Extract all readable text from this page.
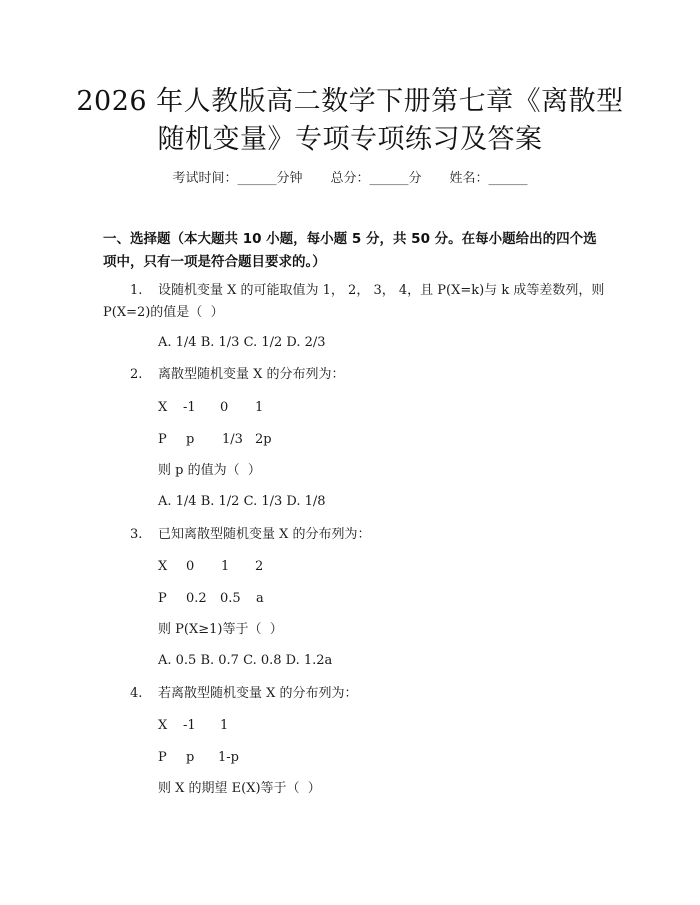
2026 年人教版高二数学下册第七章《离散型
随机变量》专项专项练习及答案
考试时间：______分钟 总分：______分 姓名：______
一、选择题（本大题共 10 小题，每小题 5 分，共 50 分。在每小题给出的四个选
项中，只有一项是符合题目要求的。）
1. 设随机变量 X 的可能取值为 1， 2， 3， 4，且 P(X=k)与 k 成等差数列，则
P(X=2)的值是（  ）
A. 1/4 B. 1/3 C. 1/2 D. 2/3
2. 离散型随机变量 X 的分布列为：
X -1 0 1
P p 1/3 2p
则 p 的值为（  ）
A. 1/4 B. 1/2 C. 1/3 D. 1/8
3. 已知离散型随机变量 X 的分布列为：
X 0 1 2
P 0.2 0.5 a
则 P(X≥1)等于（  ）
A. 0.5 B. 0.7 C. 0.8 D. 1.2a
4. 若离散型随机变量 X 的分布列为：
X -1 1
P p 1-p
则 X 的期望 E(X)等于（  ）
